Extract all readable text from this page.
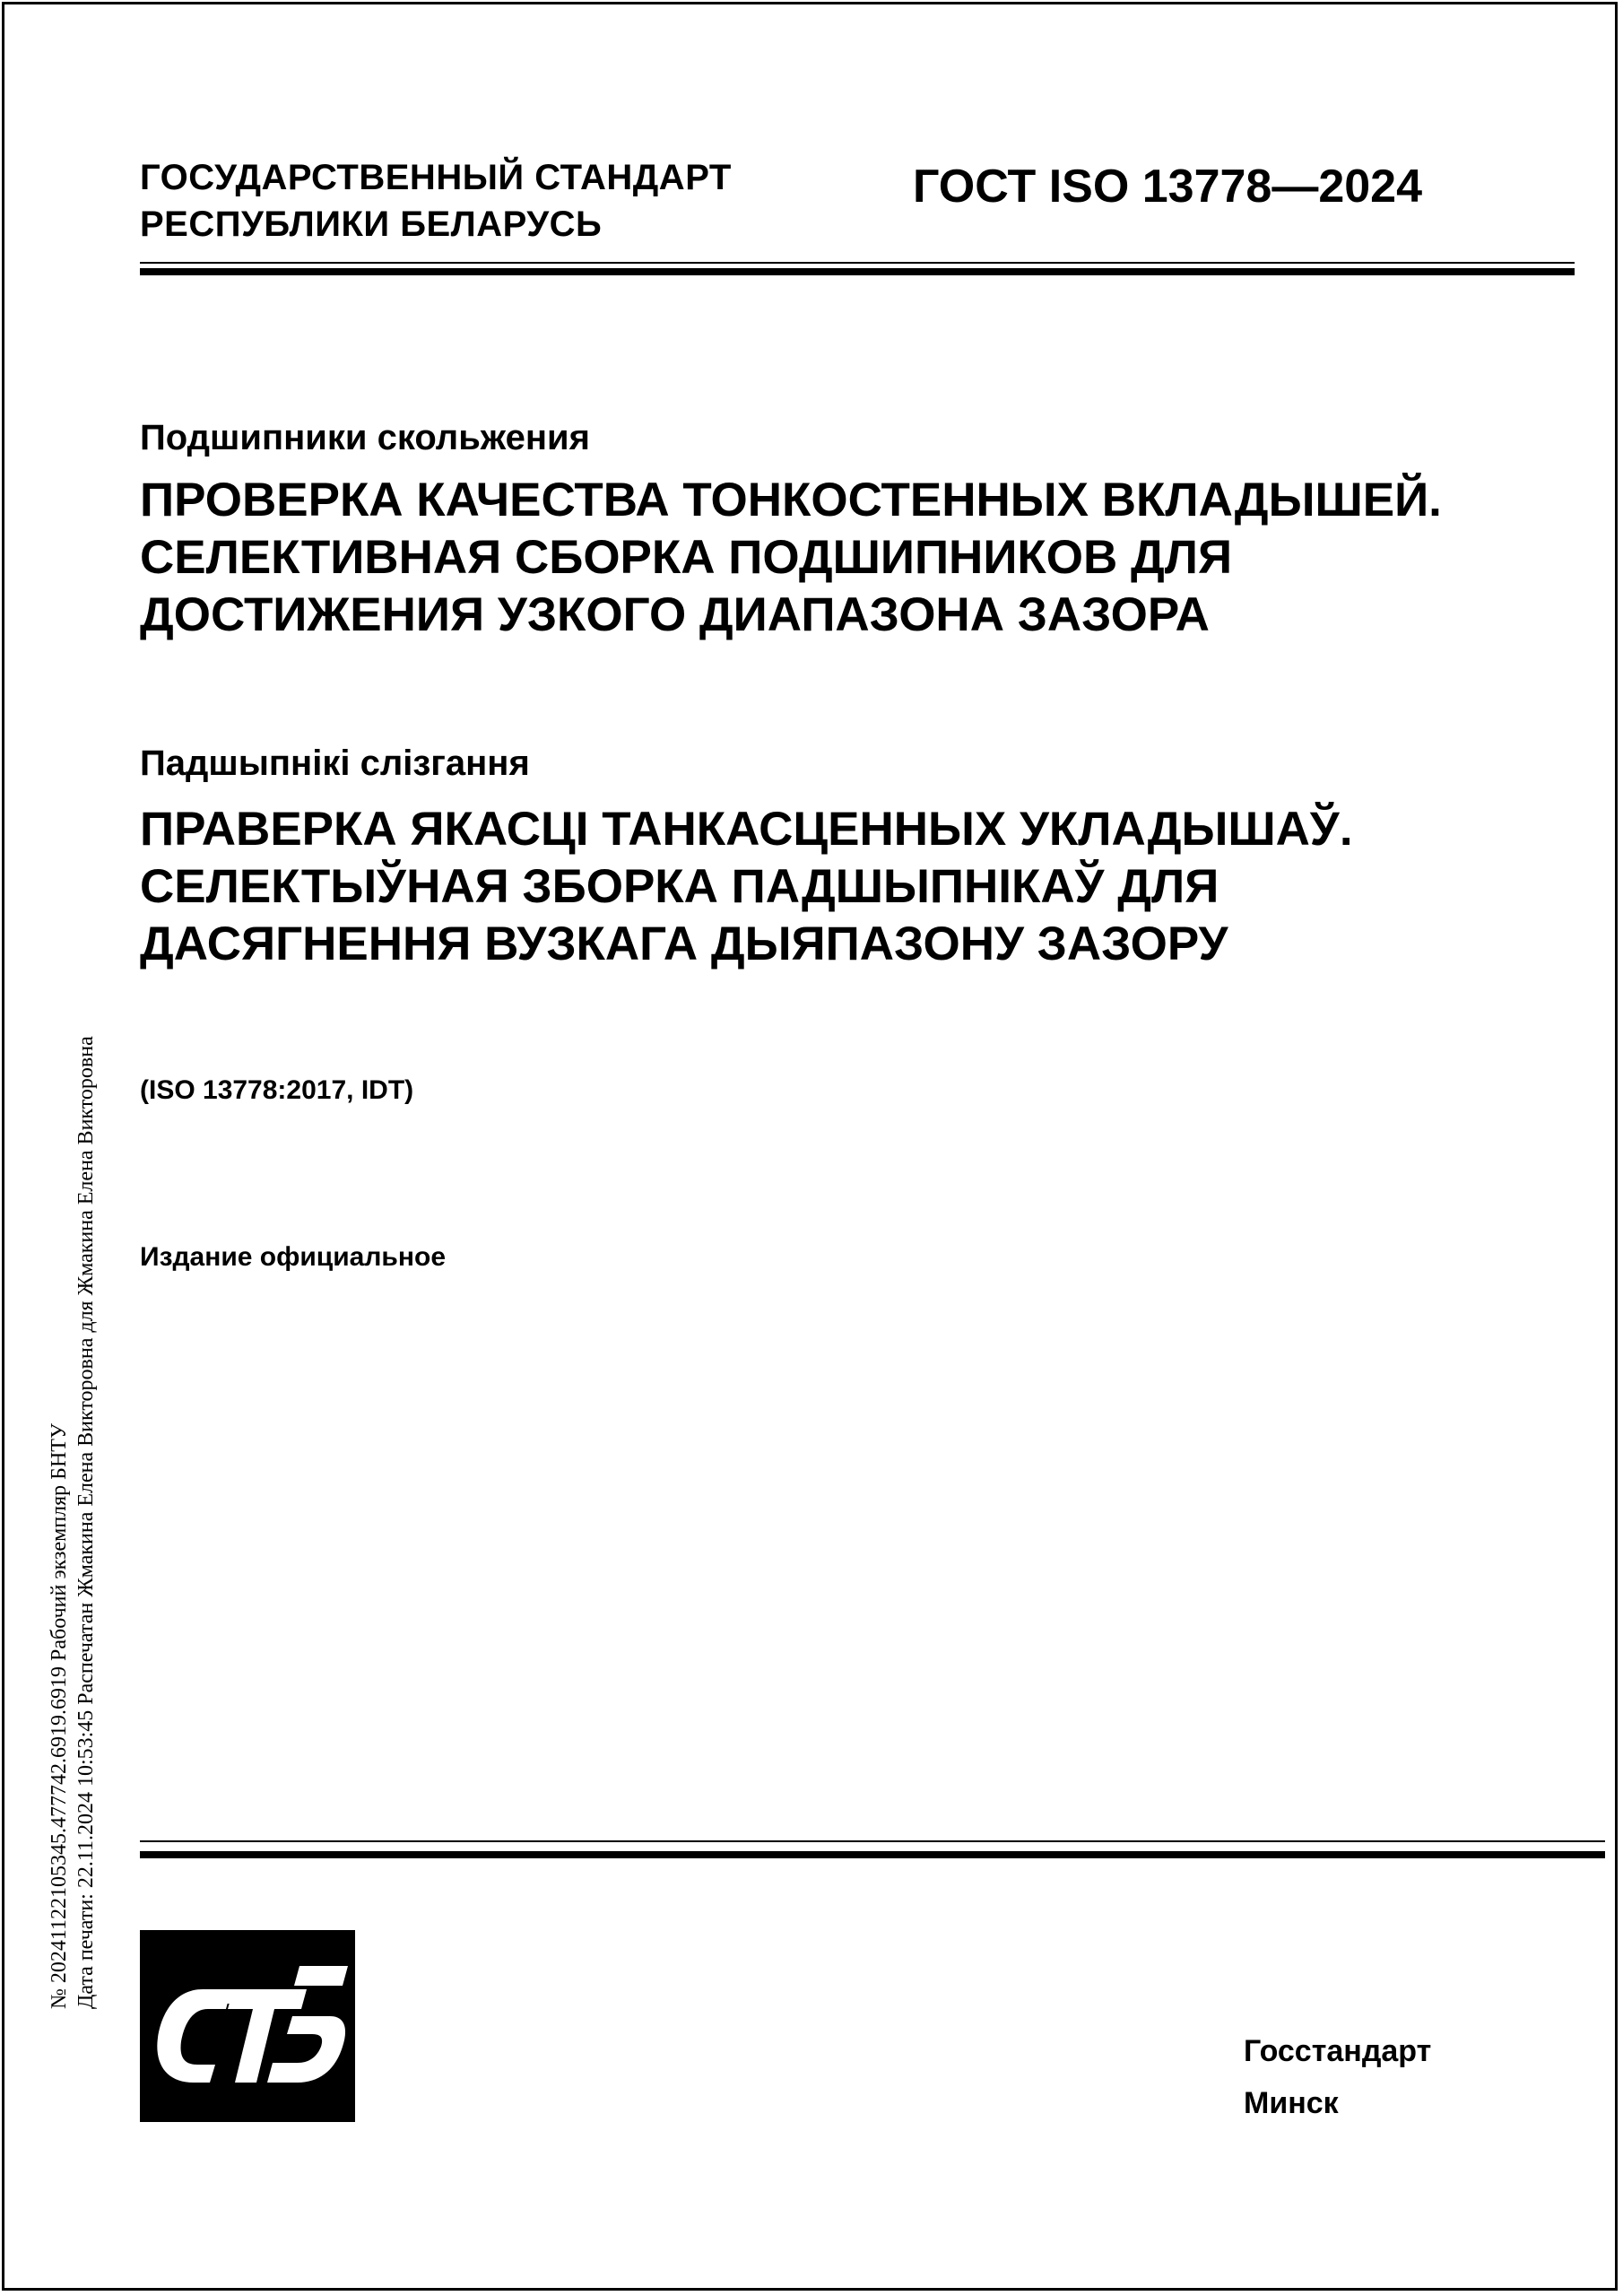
ГОСУДАРСТВЕННЫЙ СТАНДАРТ
РЕСПУБЛИКИ БЕЛАРУСЬ
ГОСТ ISO 13778—2024
Подшипники скольжения
ПРОВЕРКА КАЧЕСТВА ТОНКОСТЕННЫХ ВКЛАДЫШЕЙ.
СЕЛЕКТИВНАЯ СБОРКА ПОДШИПНИКОВ ДЛЯ
ДОСТИЖЕНИЯ УЗКОГО ДИАПАЗОНА ЗАЗОРА
Падшыпнікі слізгання
ПРАВЕРКА ЯКАСЦІ ТАНКАСЦЕННЫХ УКЛАДЫШАЎ.
СЕЛЕКТЫЎНАЯ ЗБОРКА ПАДШЫПНІКАЎ ДЛЯ
ДАСЯГНЕННЯ ВУЗКАГА ДЫЯПАЗОНУ ЗАЗОРУ
(ISO 13778:2017, IDT)
Издание официальное
№ 20241122105345.477742.6919.6919 Рабочий экземпляр БНТУ Дата печати: 22.11.2024 10:53:45 Распечатан Жмакина Елена Викторовна для Жмакина Елена Викторовна
Госстандарт
Минск
